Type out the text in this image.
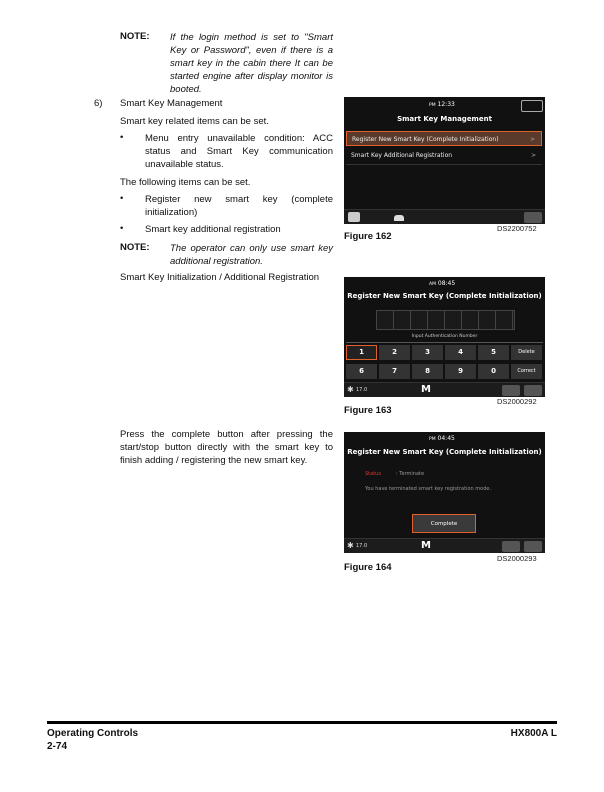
NOTE: If the login method is set to "Smart Key or Password", even if there is a smart key in the cabin there It can be started engine after display monitor is booted.
6) Smart Key Management
Smart key related items can be set.
• Menu entry unavailable condition: ACC status and Smart Key communication unavailable status.
The following items can be set.
• Register new smart key (complete initialization)
• Smart key additional registration
NOTE: The operator can only use smart key additional registration.
Smart Key Initialization / Additional Registration
Press the complete button after pressing the start/stop button directly with the smart key to finish adding / registering the new smart key.
PM 12:33
Smart Key Management
Register New Smart Key (Complete Initialization)	>
Smart Key Additional Registration	>
DS2200752
Figure 162
AM 08:45
Register New Smart Key (Complete Initialization)
Input Authentication Number
1	2	3	4	5	Delete
6	7	8	9	0	Correct
✱ 17.0	M
DS2000292
Figure 163
PM 04:45
Register New Smart Key (Complete Initialization)
Status	: Terminate
You have terminated smart key registration mode.
Complete
✱ 17.0	M
DS2000293
Figure 164
Operating Controls
2-74
HX800A L
